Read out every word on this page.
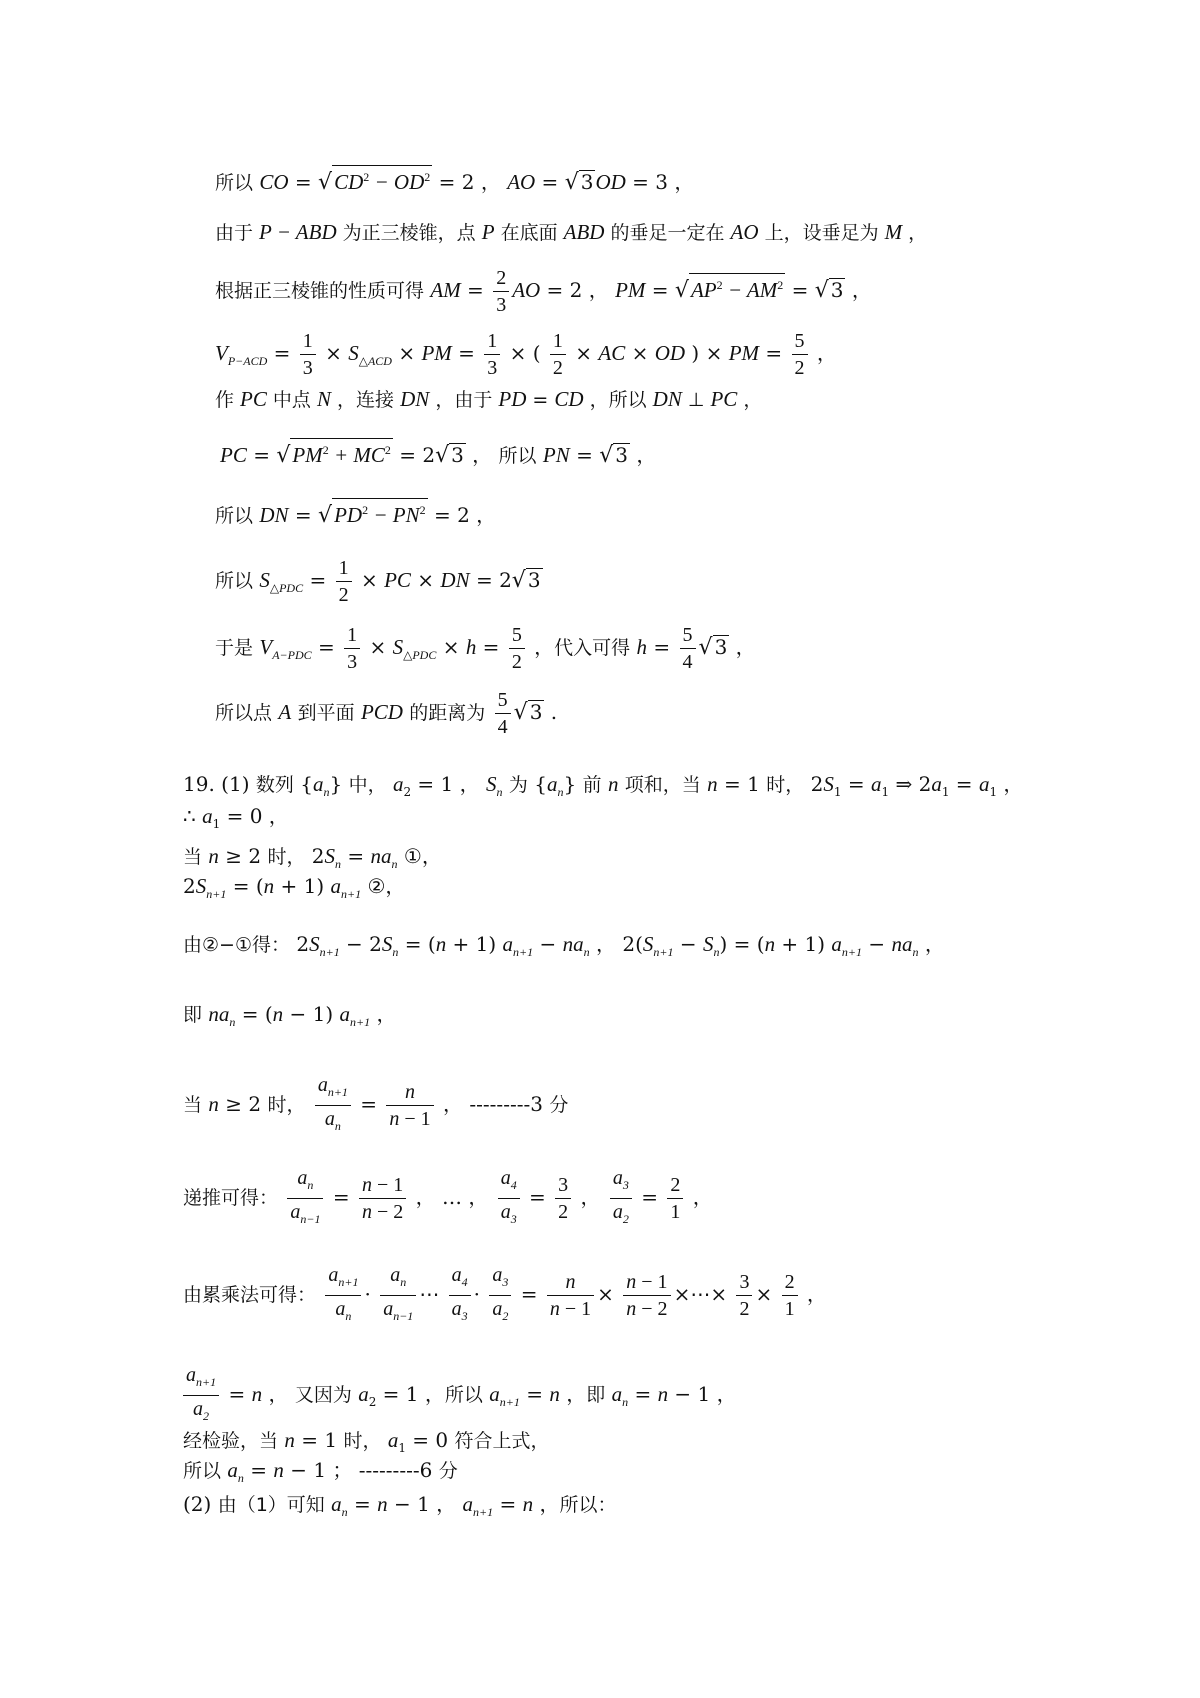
所以 CO = $√CD^2 - OD^2 = 2$ ， AO = √ 3OD = 3 ，
由于 P − ABD 为正三棱锥，点 P 在底面 ABD 的垂足一定在 AO 上，设垂足为 M ，
根据正三棱锥的性质可得 AM = $\frac{2}{3}$ AO = 2 ， PM = $√AP^2 - AM^2$ = √ 3 ，
$V_{P-ACD} = \frac{1}{3} \times S_{\triangle ACD}$ × PM = $\frac{1}{3}$ × ( $\frac{1}{2}$ × AC × OD ) × PM = $\frac{5}{2}$ ，
作 PC 中点 N ，连接 DN ，由于 PD = CD ，所以 DN ⊥ PC ，
PC = $√PM^2 + MC^2 = 2√$ 3 ， 所以 PN = √ 3 ，
所以 DN = $√PD^2 - PN^2 = 2$ ，
所以 $S_{\triangle PDC} = \frac{1}{2}$ × PC × DN = 2√ 3
于是 $V_{A-PDC} = \frac{1}{3} \times S_{\triangle PDC} \times h = \frac{5}{2}$ ，代入可得 $h = \frac{5}{4}$ √ 3 ，
所以点 A 到平面 PCD 的距离为 $\frac{5}{4}$ √ 3 .
19. (1) 数列 $\{a_n\}$ 中， $a_2 = 1$ ， $S_n$ 为 $\{a_n\}$ 前 n 项和，当 n = 1 时， $2S_1 = a_1$ ⇒ $2a_1 = a_1$ ，
∴ $a_1 = 0$ ，
当 n ≥ 2 时， $2S_n = na_n$ ①，
$2S_{n+1} = (n + 1)$ $a_{n+1}$ ②，
由②−①得： $2S_{n+1} - 2S_n = (n + 1) a_{n+1} - na_n$ ， $2(S_{n+1} - S_n) = (n + 1) a_{n+1} - na_n$ ，
即 $na_n = (n - 1)$ $a_{n+1}$ ，
当 n ≥ 2 时， $\frac{a_{n+1}}{a_n} = \frac{n}{n - 1}$ ， ---------3 分
递推可得： $\frac{a_n}{a_{n-1}} = \frac{n - 1}{n - 2}$ ， … ， $\frac{a_4}{a_3} = \frac{3}{2}$ ， $\frac{a_3}{a_2} = \frac{2}{1}$ ，
由累乘法可得： $\frac{a_{n+1}}{a_n} \cdot \frac{a_n}{a_{n-1}}$ ⋯ $\frac{a_4}{a_3} \cdot \frac{a_3}{a_2} = \frac{n}{n - 1} \times \frac{n - 1}{n - 2}$ ×⋯× $\frac{3}{2} \times \frac{2}{1}$ ，
$\frac{a_{n+1}}{a_2} = n$ ， 又因为 $a_2 = 1$ ，所以 $a_{n+1} = n$ ，即 $a_n = n - 1$ ，
经检验，当 n = 1 时， $a_1 = 0$ 符合上式，
所以 $a_n = n - 1$ ； ---------6 分
(2) 由（1）可知 $a_n = n - 1$ ， $a_{n+1} = n$ ，所以：
